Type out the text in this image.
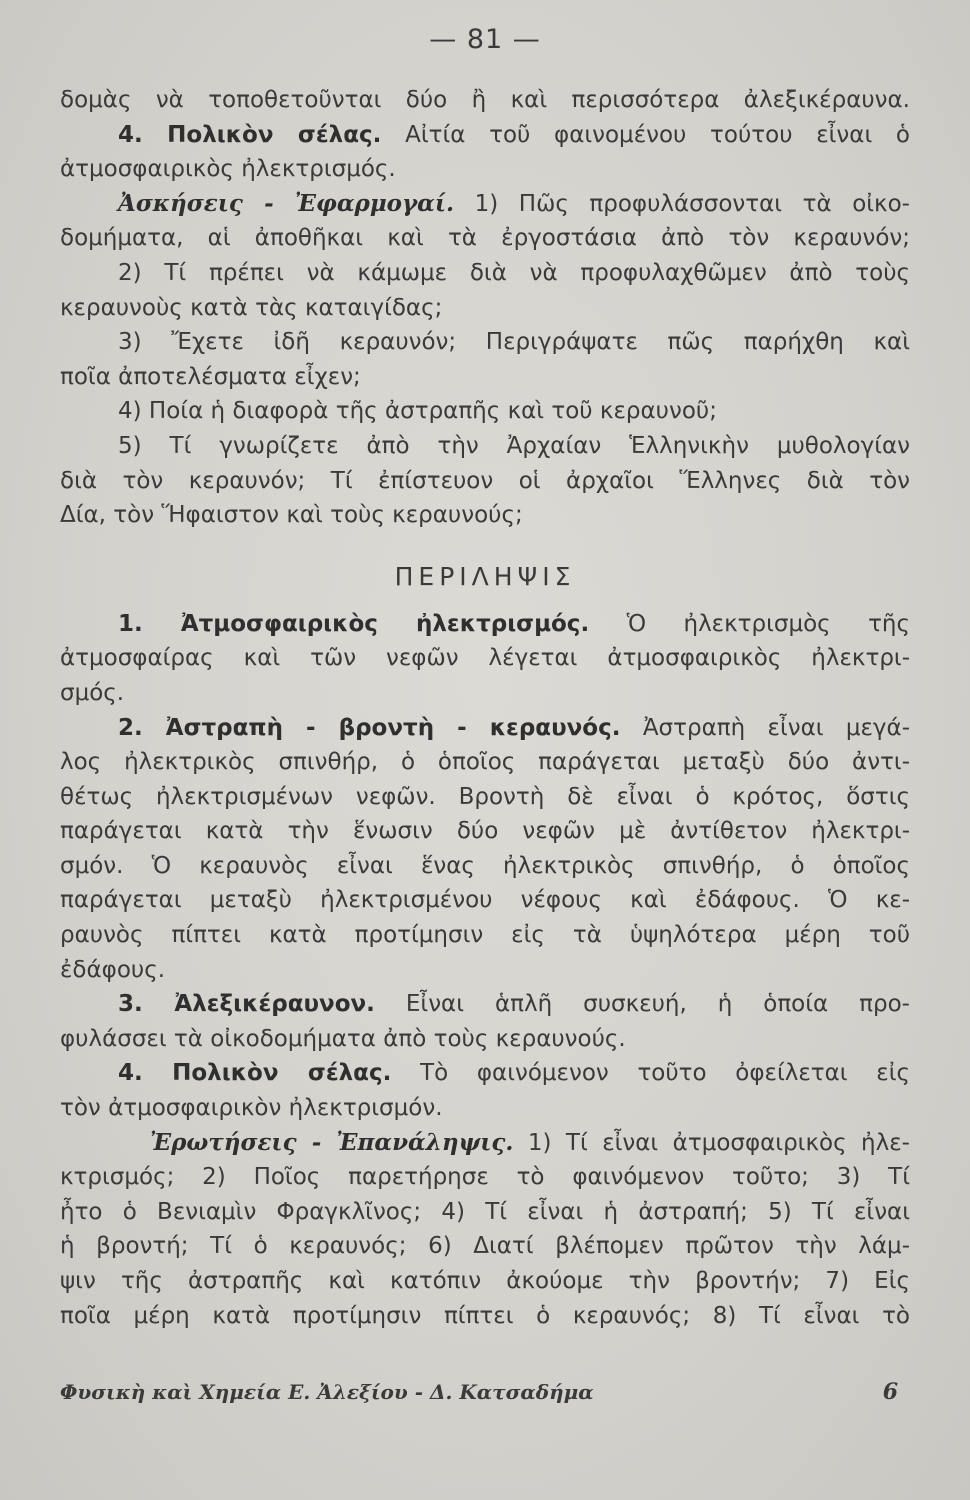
— 81 —
δομὰς νὰ τοποθετοῦνται δύο ἢ καὶ περισσότερα ἀλεξικέραυνα.
4. Πολικὸν σέλας. Αἰτία τοῦ φαινομένου τούτου εἶναι ὁ
ἀτμοσφαιρικὸς ἠλεκτρισμός.
Ἀσκήσεις - Ἐφαρμογαί. 1) Πῶς προφυλάσσονται τὰ οἰκο-
δομήματα, αἱ ἀποθῆκαι καὶ τὰ ἐργοστάσια ἀπὸ τὸν κεραυνόν;
2) Τί πρέπει νὰ κάμωμε διὰ νὰ προφυλαχθῶμεν ἀπὸ τοὺς
κεραυνοὺς κατὰ τὰς καταιγίδας;
3) Ἔχετε ἰδῆ κεραυνόν; Περιγράψατε πῶς παρήχθη καὶ
ποῖα ἀποτελέσματα εἶχεν;
4) Ποία ἡ διαφορὰ τῆς ἀστραπῆς καὶ τοῦ κεραυνοῦ;
5) Τί γνωρίζετε ἀπὸ τὴν Ἀρχαίαν Ἑλληνικὴν μυθολογίαν
διὰ τὸν κεραυνόν; Τί ἐπίστευον οἱ ἀρχαῖοι Ἕλληνες διὰ τὸν
Δία, τὸν Ἥφαιστον καὶ τοὺς κεραυνούς;
ΠΕΡΙΛΗΨΙΣ
1. Ἀτμοσφαιρικὸς ἠλεκτρισμός. Ὁ ἠλεκτρισμὸς τῆς
ἀτμοσφαίρας καὶ τῶν νεφῶν λέγεται ἀτμοσφαιρικὸς ἠλεκτρι-
σμός.
2. Ἀστραπὴ - βροντὴ - κεραυνός. Ἀστραπὴ εἶναι μεγά-
λος ἠλεκτρικὸς σπινθήρ, ὁ ὁποῖος παράγεται μεταξὺ δύο ἀντι-
θέτως ἠλεκτρισμένων νεφῶν. Βροντὴ δὲ εἶναι ὁ κρότος, ὅστις
παράγεται κατὰ τὴν ἕνωσιν δύο νεφῶν μὲ ἀντίθετον ἠλεκτρι-
σμόν. Ὁ κεραυνὸς εἶναι ἕνας ἠλεκτρικὸς σπινθήρ, ὁ ὁποῖος
παράγεται μεταξὺ ἠλεκτρισμένου νέφους καὶ ἐδάφους. Ὁ κε-
ραυνὸς πίπτει κατὰ προτίμησιν εἰς τὰ ὑψηλότερα μέρη τοῦ
ἐδάφους.
3. Ἀλεξικέραυνον. Εἶναι ἁπλῆ συσκευή, ἡ ὁποία προ-
φυλάσσει τὰ οἰκοδομήματα ἀπὸ τοὺς κεραυνούς.
4. Πολικὸν σέλας. Τὸ φαινόμενον τοῦτο ὀφείλεται εἰς
τὸν ἀτμοσφαιρικὸν ἠλεκτρισμόν.
Ἐρωτήσεις - Ἐπανάληψις. 1) Τί εἶναι ἀτμοσφαιρικὸς ἠλε-
κτρισμός; 2) Ποῖος παρετήρησε τὸ φαινόμενον τοῦτο; 3) Τί
ἦτο ὁ Βενιαμὶν Φραγκλῖνος; 4) Τί εἶναι ἡ ἀστραπή; 5) Τί εἶναι
ἡ βροντή; Τί ὁ κεραυνός; 6) Διατί βλέπομεν πρῶτον τὴν λάμ-
ψιν τῆς ἀστραπῆς καὶ κατόπιν ἀκούομε τὴν βροντήν; 7) Εἰς
ποῖα μέρη κατὰ προτίμησιν πίπτει ὁ κεραυνός; 8) Τί εἶναι τὸ
Φυσικὴ καὶ Χημεία Ε. Ἀλεξίου - Δ. Κατσαδήμα	6
